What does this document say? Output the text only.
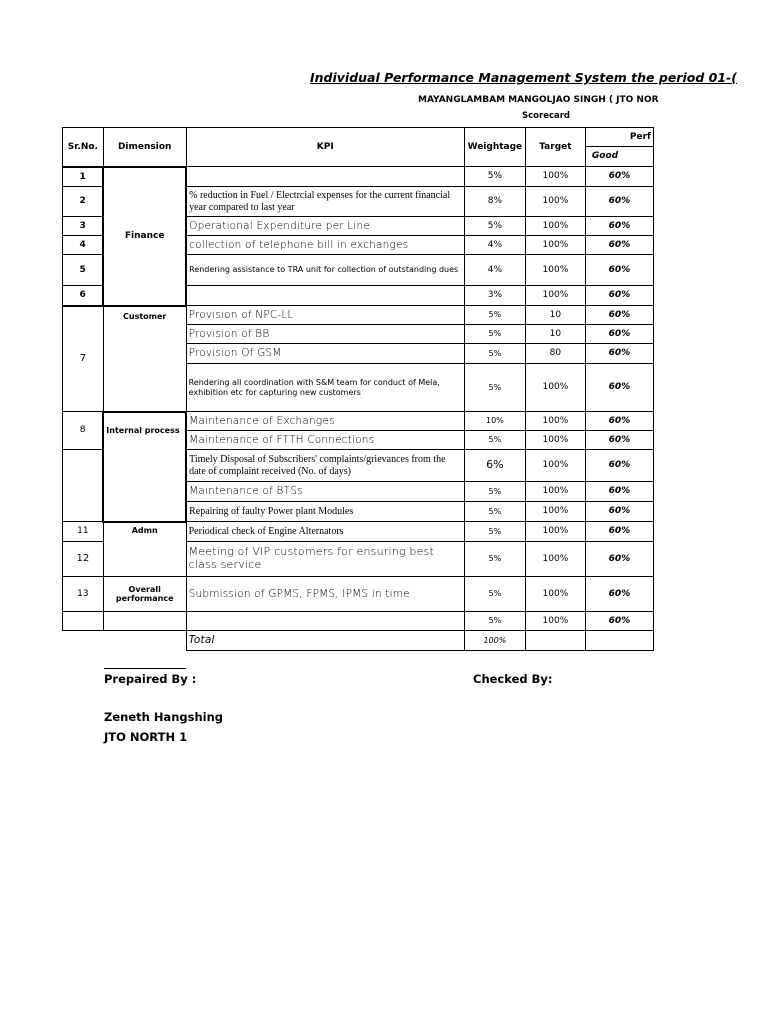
Individual Performance Management System the period 01-(
MAYANGLAMBAM MANGOLJAO SINGH ( JTO NOR
Scorecard
Sr.No.	Dimension	KPI	Weightage	Target	Perf
					Good
1	Finance		5%	100%	60%
2		% reduction in Fuel / Electrcial expenses for the current financial year compared to last year	8%	100%	60%
3		Operational Expenditure per Line	5%	100%	60%
4		collection of telephone bill in exchanges	4%	100%	60%
5		Rendering assistance to TRA unit for collection of outstanding dues	4%	100%	60%
6			3%	100%	60%
7	Customer	Provision of NPC-LL	5%	10	60%
		Provision of BB	5%	10	60%
		Provision Of GSM	5%	80	60%
		Rendering all coordination with S&M team for conduct of Mela, exhibition etc for capturing new customers	5%	100%	60%
8	Internal process	Maintenance of Exchanges	10%	100%	60%
		Maintenance of FTTH Connections	5%	100%	60%
		Timely Disposal of Subscribers' complaints/grievances from the date of complaint received (No. of days)	6%	100%	60%
		Maintenance of BTSs	5%	100%	60%
		Repairing of faulty Power plant Modules	5%	100%	60%
11	Admn	Periodical check of Engine Alternators	5%	100%	60%
12		Meeting of VIP customers for ensuring best class service	5%	100%	60%
13	Overall performance	Submission of GPMS, FPMS, IPMS in time	5%	100%	60%
			5%	100%	60%
		Total	100%		
Prepaired By :	Checked By:
Zeneth Hangshing
JTO NORTH 1
